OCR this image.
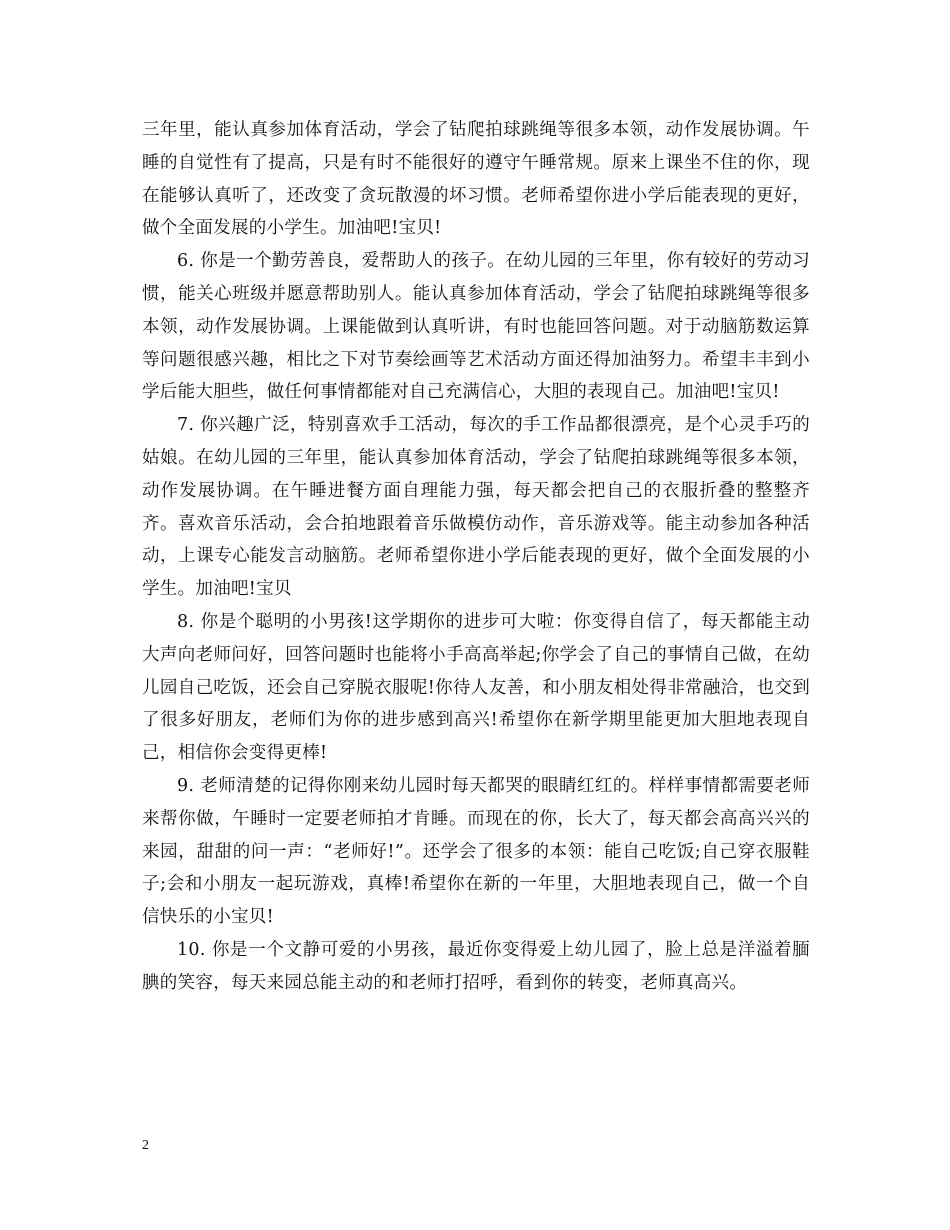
三年里，能认真参加体育活动，学会了钻爬拍球跳绳等很多本领，动作发展协调。午睡的自觉性有了提高，只是有时不能很好的遵守午睡常规。原来上课坐不住的你，现在能够认真听了，还改变了贪玩散漫的坏习惯。老师希望你进小学后能表现的更好，做个全面发展的小学生。加油吧!宝贝!

6. 你是一个勤劳善良，爱帮助人的孩子。在幼儿园的三年里，你有较好的劳动习惯，能关心班级并愿意帮助别人。能认真参加体育活动，学会了钻爬拍球跳绳等很多本领，动作发展协调。上课能做到认真听讲，有时也能回答问题。对于动脑筋数运算等问题很感兴趣，相比之下对节奏绘画等艺术活动方面还得加油努力。希望丰丰到小学后能大胆些，做任何事情都能对自己充满信心，大胆的表现自己。加油吧!宝贝!

7. 你兴趣广泛，特别喜欢手工活动，每次的手工作品都很漂亮，是个心灵手巧的姑娘。在幼儿园的三年里，能认真参加体育活动，学会了钻爬拍球跳绳等很多本领，动作发展协调。在午睡进餐方面自理能力强，每天都会把自己的衣服折叠的整整齐齐。喜欢音乐活动，会合拍地跟着音乐做模仿动作，音乐游戏等。能主动参加各种活动，上课专心能发言动脑筋。老师希望你进小学后能表现的更好，做个全面发展的小学生。加油吧!宝贝

8. 你是个聪明的小男孩!这学期你的进步可大啦：你变得自信了，每天都能主动大声向老师问好，回答问题时也能将小手高高举起;你学会了自己的事情自己做，在幼儿园自己吃饭，还会自己穿脱衣服呢!你待人友善，和小朋友相处得非常融洽，也交到了很多好朋友，老师们为你的进步感到高兴!希望你在新学期里能更加大胆地表现自己，相信你会变得更棒!

9. 老师清楚的记得你刚来幼儿园时每天都哭的眼睛红红的。样样事情都需要老师来帮你做，午睡时一定要老师拍才肯睡。而现在的你，长大了，每天都会高高兴兴的来园，甜甜的问一声：“老师好!”。还学会了很多的本领：能自己吃饭;自己穿衣服鞋子;会和小朋友一起玩游戏，真棒!希望你在新的一年里，大胆地表现自己，做一个自信快乐的小宝贝!

10. 你是一个文静可爱的小男孩，最近你变得爱上幼儿园了，脸上总是洋溢着腼腆的笑容，每天来园总能主动的和老师打招呼，看到你的转变，老师真高兴。

2
